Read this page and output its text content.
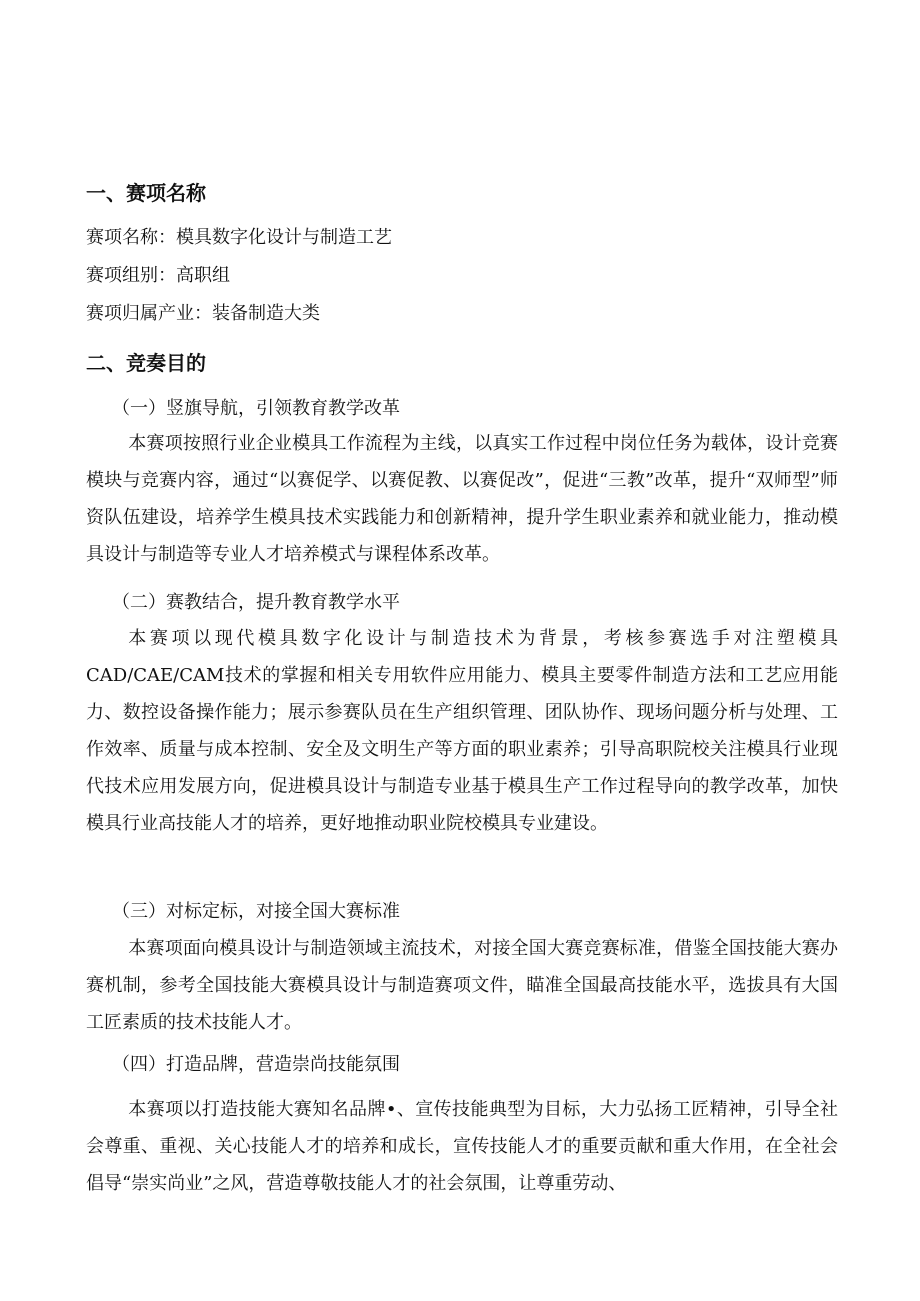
一、赛项名称
赛项名称：模具数字化设计与制造工艺
赛项组别：高职组
赛项归属产业：装备制造大类
二、竞奏目的
（一）竖旗导航，引领教育教学改革

本赛项按照行业企业模具工作流程为主线，以真实工作过程中岗位任务为载体，设计竞赛模块与竞赛内容，通过“以赛促学、以赛促教、以赛促改”，促进“三教”改革，提升“双师型”师资队伍建设，培养学生模具技术实践能力和创新精神，提升学生职业素养和就业能力，推动模具设计与制造等专业人才培养模式与课程体系改革。

（二）赛教结合，提升教育教学水平

本赛项以现代模具数字化设计与制造技术为背景，考核参赛选手对注塑模具CAD/CAE/CAM技术的掌握和相关专用软件应用能力、模具主要零件制造方法和工艺应用能力、数控设备操作能力；展示参赛队员在生产组织管理、团队协作、现场问题分析与处理、工作效率、质量与成本控制、安全及文明生产等方面的职业素养；引导高职院校关注模具行业现代技术应用发展方向，促进模具设计与制造专业基于模具生产工作过程导向的教学改革，加快模具行业高技能人才的培养，更好地推动职业院校模具专业建设。

（三）对标定标，对接全国大赛标准

本赛项面向模具设计与制造领域主流技术，对接全国大赛竞赛标准，借鉴全国技能大赛办赛机制，参考全国技能大赛模具设计与制造赛项文件，瞄准全国最高技能水平，选拔具有大国工匠素质的技术技能人才。

（四）打造品牌，营造崇尚技能氛围

本赛项以打造技能大赛知名品牌•、宣传技能典型为目标，大力弘扬工匠精神，引导全社会尊重、重视、关心技能人才的培养和成长，宣传技能人才的重要贡献和重大作用，在全社会倡导“崇实尚业”之风，营造尊敬技能人才的社会氛围，让尊重劳动、
